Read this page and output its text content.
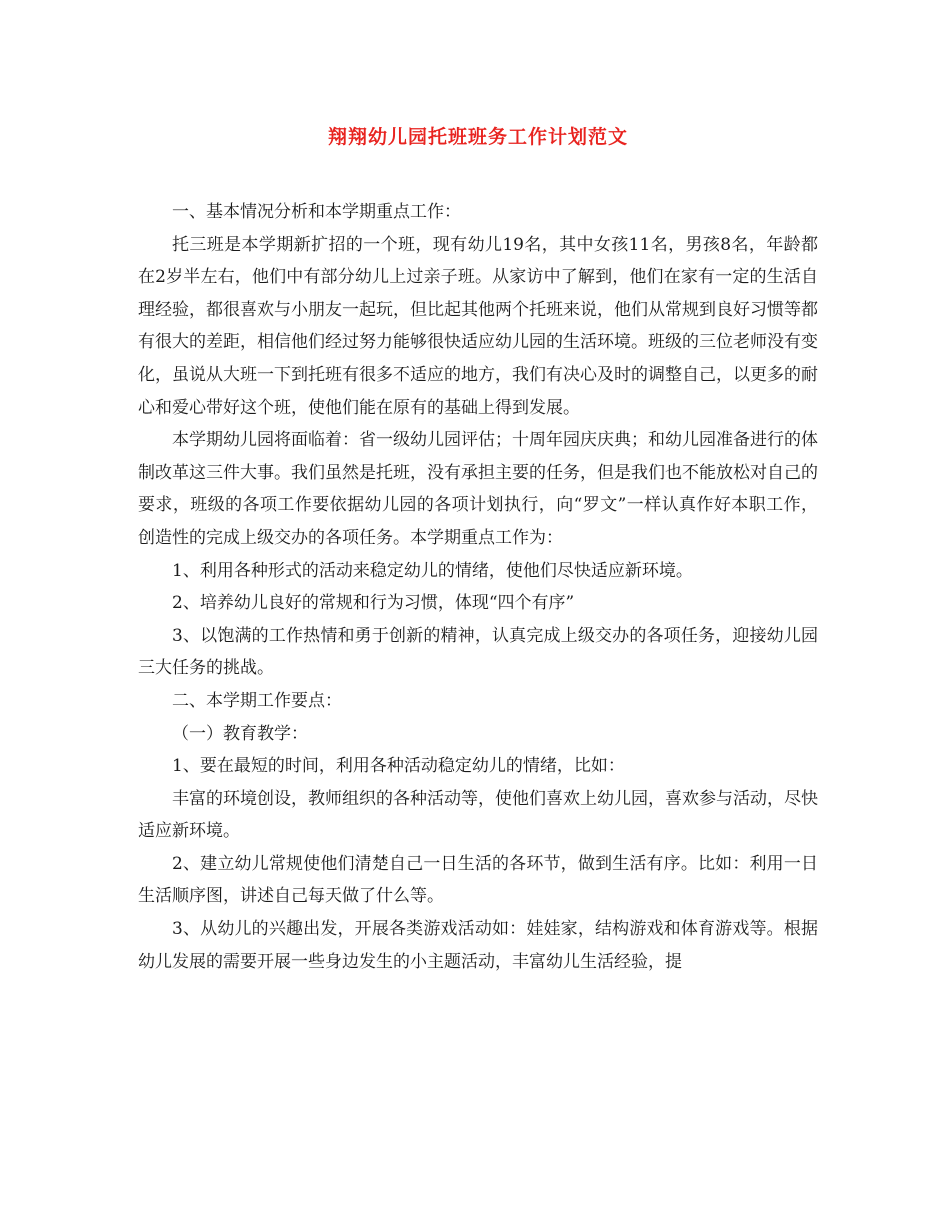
翔翔幼儿园托班班务工作计划范文

一、基本情况分析和本学期重点工作：

托三班是本学期新扩招的一个班，现有幼儿19名，其中女孩11名，男孩8名，年龄都在2岁半左右，他们中有部分幼儿上过亲子班。从家访中了解到，他们在家有一定的生活自理经验，都很喜欢与小朋友一起玩，但比起其他两个托班来说，他们从常规到良好习惯等都有很大的差距，相信他们经过努力能够很快适应幼儿园的生活环境。班级的三位老师没有变化，虽说从大班一下到托班有很多不适应的地方，我们有决心及时的调整自己，以更多的耐心和爱心带好这个班，使他们能在原有的基础上得到发展。

本学期幼儿园将面临着：省一级幼儿园评估；十周年园庆庆典；和幼儿园准备进行的体制改革这三件大事。我们虽然是托班，没有承担主要的任务，但是我们也不能放松对自己的要求，班级的各项工作要依据幼儿园的各项计划执行，向“罗文”一样认真作好本职工作，创造性的完成上级交办的各项任务。本学期重点工作为：

1、利用各种形式的活动来稳定幼儿的情绪，使他们尽快适应新环境。

2、培养幼儿良好的常规和行为习惯，体现“四个有序”

3、以饱满的工作热情和勇于创新的精神，认真完成上级交办的各项任务，迎接幼儿园三大任务的挑战。

二、本学期工作要点：

（一）教育教学：

1、要在最短的时间，利用各种活动稳定幼儿的情绪，比如：

丰富的环境创设，教师组织的各种活动等，使他们喜欢上幼儿园，喜欢参与活动，尽快适应新环境。

2、建立幼儿常规使他们清楚自己一日生活的各环节，做到生活有序。比如：利用一日生活顺序图，讲述自己每天做了什么等。

3、从幼儿的兴趣出发，开展各类游戏活动如：娃娃家，结构游戏和体育游戏等。根据幼儿发展的需要开展一些身边发生的小主题活动，丰富幼儿生活经验，提
